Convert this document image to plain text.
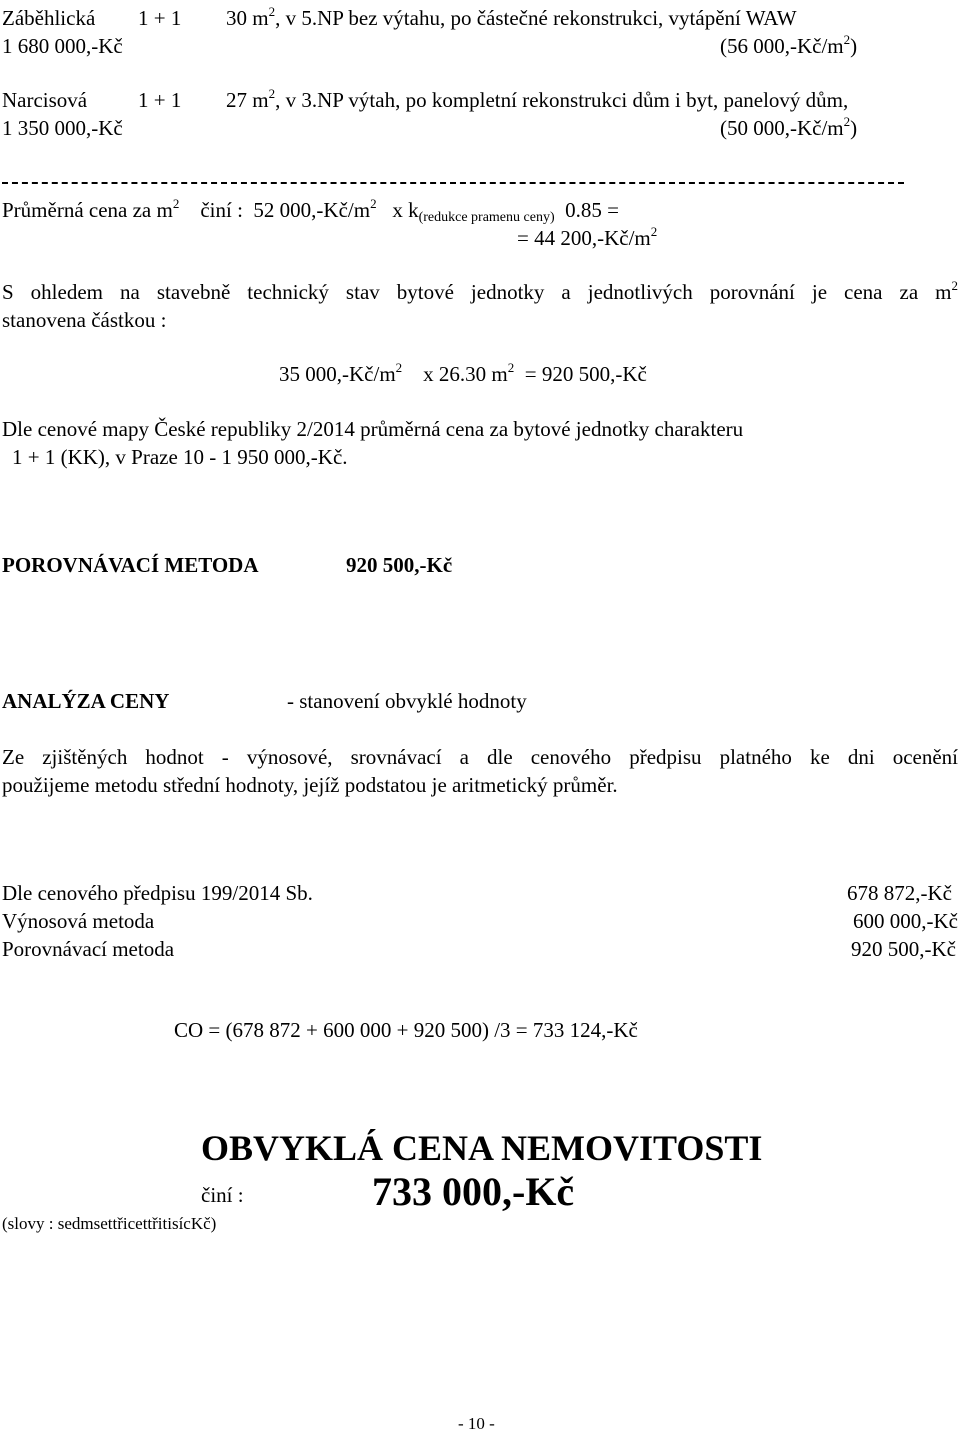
Záběhlická 1 + 1 30 $m^2$, v 5.NP bez výtahu, po částečné rekonstrukci, vytápění WAW
1 680 000,-Kč	(56 $000,-Kč/m^2$)
Narcisová 1 + 1 27 $m^2$, v 3.NP výtah, po kompletní rekonstrukci dům i byt, panelový dům,
1 350 000,-Kč	(50 $000,-Kč/m^2$)
Průměrná cena za $m^2$ činí : 52 $000,-Kč/m^2$ x $k_{(redukce pramenu ceny)}$ 0.85 =
= 44 $200,-Kč/m^2$
S ohledem na stavebně technický stav bytové jednotky a jednotlivých porovnání je cena za $m^2$
stanovena částkou :
35 $000,-Kč/m^2$ x 26.30 $m^2 = 920$ 500,-Kč
Dle cenové mapy České republiky 2/2014 průměrná cena za bytové jednotky charakteru
1 + 1 (KK), v Praze 10 - 1 950 000,-Kč.
POROVNÁVACÍ METODA	920 500,-Kč
ANALÝZA CENY	- stanovení obvyklé hodnoty
Ze zjištěných hodnot - výnosové, srovnávací a dle cenového předpisu platného ke dni ocenění
použijeme metodu střední hodnoty, jejíž podstatou je aritmetický průměr.
Dle cenového předpisu 199/2014 Sb.	678 872,-Kč
Výnosová metoda	600 000,-Kč
Porovnávací metoda	920 500,-Kč
CO = (678 872 + 600 000 + 920 500) /3 = 733 124,-Kč
OBVYKLÁ CENA NEMOVITOSTI
činí :	733 000,-Kč
(slovy : sedmsettřicettřitisícKč)
- 10 -
